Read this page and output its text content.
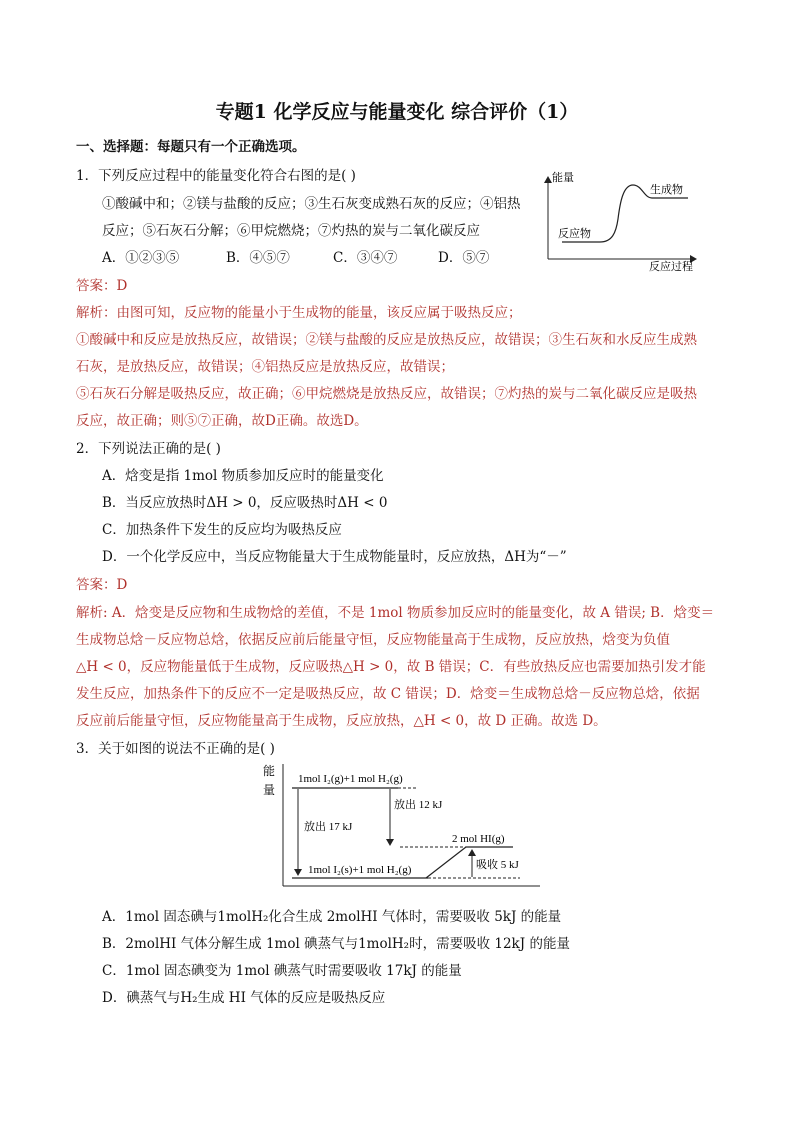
专题1 化学反应与能量变化 综合评价（1）
一、选择题：每题只有一个正确选项。
1．下列反应过程中的能量变化符合右图的是( )
①酸碱中和；②镁与盐酸的反应；③生石灰变成熟石灰的反应；④铝热
反应；⑤石灰石分解；⑥甲烷燃烧；⑦灼热的炭与二氧化碳反应
A．①②③⑤	B．④⑤⑦	C．③④⑦	D．⑤⑦
能量
反应过程
反应物
生成物
答案：D
解析：由图可知，反应物的能量小于生成物的能量，该反应属于吸热反应；
①酸碱中和反应是放热反应，故错误；②镁与盐酸的反应是放热反应，故错误；③生石灰和水反应生成熟
石灰，是放热反应，故错误；④铝热反应是放热反应，故错误；
⑤石灰石分解是吸热反应，故正确；⑥甲烷燃烧是放热反应，故错误；⑦灼热的炭与二氧化碳反应是吸热
反应，故正确；则⑤⑦正确，故D正确。故选D。
2．下列说法正确的是( )
A．焓变是指 1mol 物质参加反应时的能量变化
B．当反应放热时ΔH > 0，反应吸热时ΔH < 0
C．加热条件下发生的反应均为吸热反应
D．一个化学反应中，当反应物能量大于生成物能量时，反应放热，ΔH为“－”
答案：D
解析: A．焓变是反应物和生成物焓的差值，不是 1mol 物质参加反应时的能量变化，故 A 错误; B．焓变＝
生成物总焓－反应物总焓，依据反应前后能量守恒，反应物能量高于生成物，反应放热，焓变为负值
△H < 0，反应物能量低于生成物，反应吸热△H > 0，故 B 错误；C．有些放热反应也需要加热引发才能
发生反应，加热条件下的反应不一定是吸热反应，故 C 错误；D．焓变＝生成物总焓－反应物总焓，依据
反应前后能量守恒，反应物能量高于生成物，反应放热，△H < 0，故 D 正确。故选 D。
3．关于如图的说法不正确的是( )
能
量
1mol I₂(g)+1 mol H₂(g)
1mol I₂(s)+1 mol H₂(g)
2 mol HI(g)
放出 17 kJ
放出 12 kJ
吸收 5 kJ
A．1mol 固态碘与1molH₂化合生成 2molHI 气体时，需要吸收 5kJ 的能量
B．2molHI 气体分解生成 1mol 碘蒸气与1molH₂时，需要吸收 12kJ 的能量
C．1mol 固态碘变为 1mol 碘蒸气时需要吸收 17kJ 的能量
D．碘蒸气与H₂生成 HI 气体的反应是吸热反应
